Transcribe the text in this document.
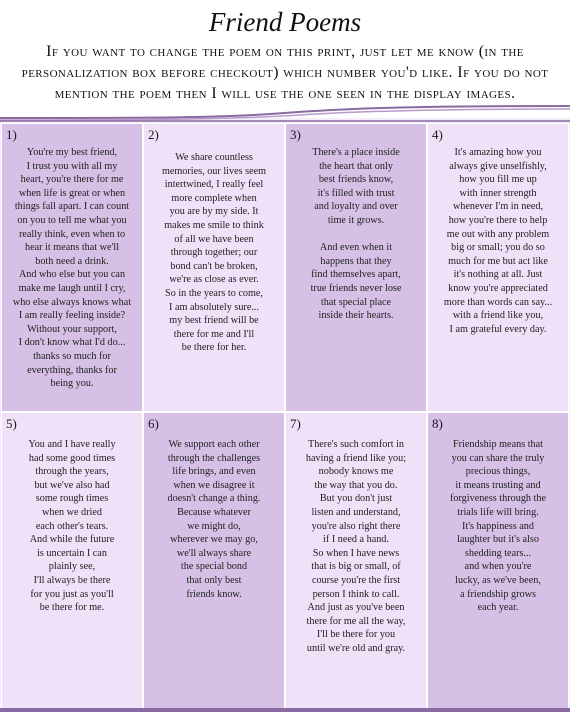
Friend Poems
If you want to change the poem on this print, just let me know (in the personalization box before checkout) which number you'd like. If you do not mention the poem then I will use the one seen in the display images.
1)
You're my best friend,
I trust you with all my
heart, you're there for me
when life is great or when
things fall apart. I can count
on you to tell me what you
really think, even when to
hear it means that we'll
both need a drink.
And who else but you can
make me laugh until I cry,
who else always knows what
I am really feeling inside?
Without your support,
I don't know what I'd do...
thanks so much for
everything, thanks for
being you.
2)
We share countless
memories, our lives seem
intertwined, I really feel
more complete when
you are by my side. It
makes me smile to think
of all we have been
through together; our
bond can't be broken,
we're as close as ever.
So in the years to come,
I am absolutely sure...
my best friend will be
there for me and I'll
be there for her.
3)
There's a place inside
the heart that only
best friends know,
it's filled with trust
and loyalty and over
time it grows.

And even when it
happens that they
find themselves apart,
true friends never lose
that special place
inside their hearts.
4)
It's amazing how you
always give unselfishly,
how you fill me up
with inner strength
whenever I'm in need,
how you're there to help
me out with any problem
big or small; you do so
much for me but act like
it's nothing at all. Just
know you're appreciated
more than words can say...
with a friend like you,
I am grateful every day.
5)
You and I have really
had some good times
through the years,
but we've also had
some rough times
when we dried
each other's tears.
And while the future
is uncertain I can
plainly see,
I'll always be there
for you just as you'll
be there for me.
6)
We support each other
through the challenges
life brings, and even
when we disagree it
doesn't change a thing.
Because whatever
we might do,
wherever we may go,
we'll always share
the special bond
that only best
friends know.
7)
There's such comfort in
having a friend like you;
nobody knows me
the way that you do.
But you don't just
listen and understand,
you're also right there
if I need a hand.
So when I have news
that is big or small, of
course you're the first
person I think to call.
And just as you've been
there for me all the way,
I'll be there for you
until we're old and gray.
8)
Friendship means that
you can share the truly
precious things,
it means trusting and
forgiveness through the
trials life will bring.
It's happiness and
laughter but it's also
shedding tears...
and when you're
lucky, as we've been,
a friendship grows
each year.
